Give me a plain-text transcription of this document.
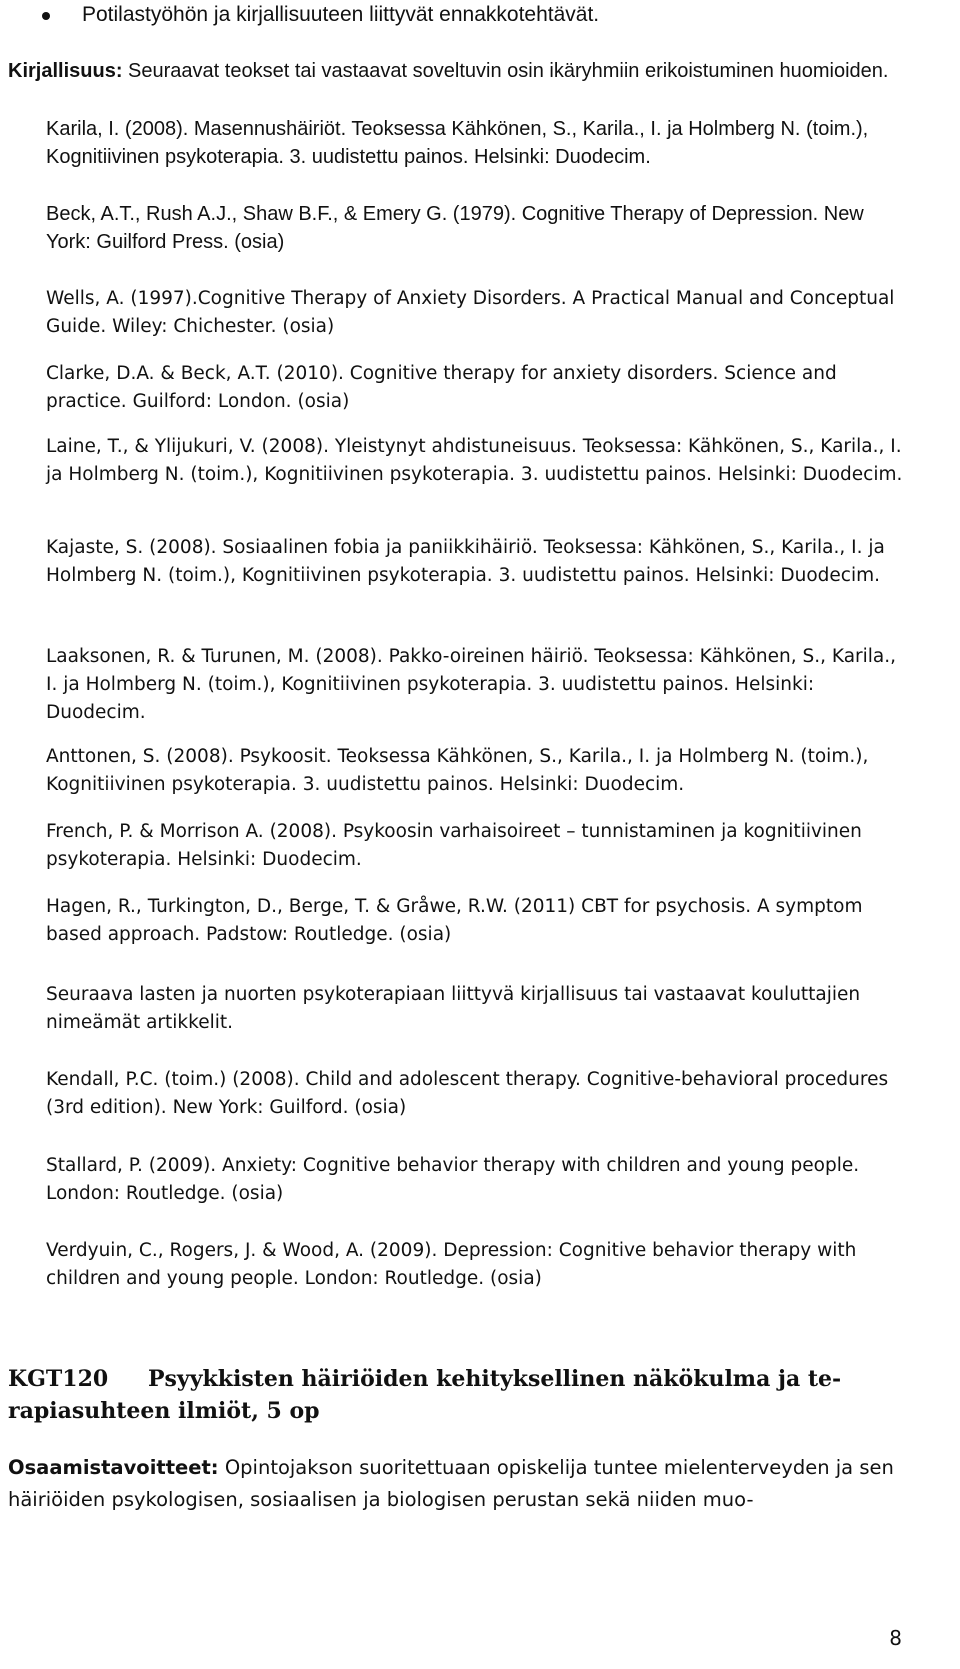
Potilastyöhön ja kirjallisuuteen liittyvät ennakkotehtävät.
Kirjallisuus: Seuraavat teokset tai vastaavat soveltuvin osin ikäryhmiin erikoistuminen huomioiden.
Karila, I. (2008). Masennushäiriöt. Teoksessa Kähkönen, S., Karila., I. ja Holmberg N. (toim.), Kognitiivinen psykoterapia. 3. uudistettu painos. Helsinki: Duodecim.
Beck, A.T., Rush A.J., Shaw B.F., & Emery G. (1979). Cognitive Therapy of Depression. New York: Guilford Press. (osia)
Wells, A. (1997).Cognitive Therapy of Anxiety Disorders. A Practical Manual and Conceptual Guide. Wiley: Chichester. (osia)
Clarke, D.A. & Beck, A.T. (2010). Cognitive therapy for anxiety disorders. Science and practice. Guilford: London. (osia)
Laine, T., & Ylijukuri, V. (2008). Yleistynyt ahdistuneisuus. Teoksessa: Kähkönen, S., Karila., I. ja Holmberg N. (toim.), Kognitiivinen psykoterapia. 3. uudistettu painos. Helsinki: Duodecim.
Kajaste, S. (2008). Sosiaalinen fobia ja paniikkihäiriö. Teoksessa: Kähkönen, S., Karila., I. ja Holmberg N. (toim.), Kognitiivinen psykoterapia. 3. uudistettu painos. Helsinki: Duodecim.
Laaksonen, R. & Turunen, M. (2008). Pakko-oireinen häiriö. Teoksessa: Kähkönen, S., Karila., I. ja Holmberg N. (toim.), Kognitiivinen psykoterapia. 3. uudistettu painos. Helsinki: Duodecim.
Anttonen, S. (2008). Psykoosit. Teoksessa Kähkönen, S., Karila., I. ja Holmberg N. (toim.), Kognitiivinen psykoterapia. 3. uudistettu painos. Helsinki: Duodecim.
French, P. & Morrison A. (2008). Psykoosin varhaisoireet – tunnistaminen ja kognitiivinen psykoterapia. Helsinki: Duodecim.
Hagen, R., Turkington, D., Berge, T. & Gråwe, R.W. (2011) CBT for psychosis. A symptom based approach. Padstow: Routledge. (osia)
Seuraava lasten ja nuorten psykoterapiaan liittyvä kirjallisuus tai vastaavat kouluttajien nimeämät artikkelit.
Kendall, P.C. (toim.) (2008). Child and adolescent therapy. Cognitive-behavioral procedures (3rd edition). New York: Guilford. (osia)
Stallard, P. (2009). Anxiety: Cognitive behavior therapy with children and young people. London: Routledge. (osia)
Verdyuin, C., Rogers, J. & Wood, A. (2009). Depression: Cognitive behavior therapy with children and young people. London: Routledge. (osia)
KGT120 Psyykkisten häiriöiden kehityksellinen näkökulma ja terapiasuhteen ilmiöt, 5 op
Osaamistavoitteet: Opintojakson suoritettuaan opiskelija tuntee mielenterveyden ja sen häiriöiden psykologisen, sosiaalisen ja biologisen perustan sekä niiden muo-
8
